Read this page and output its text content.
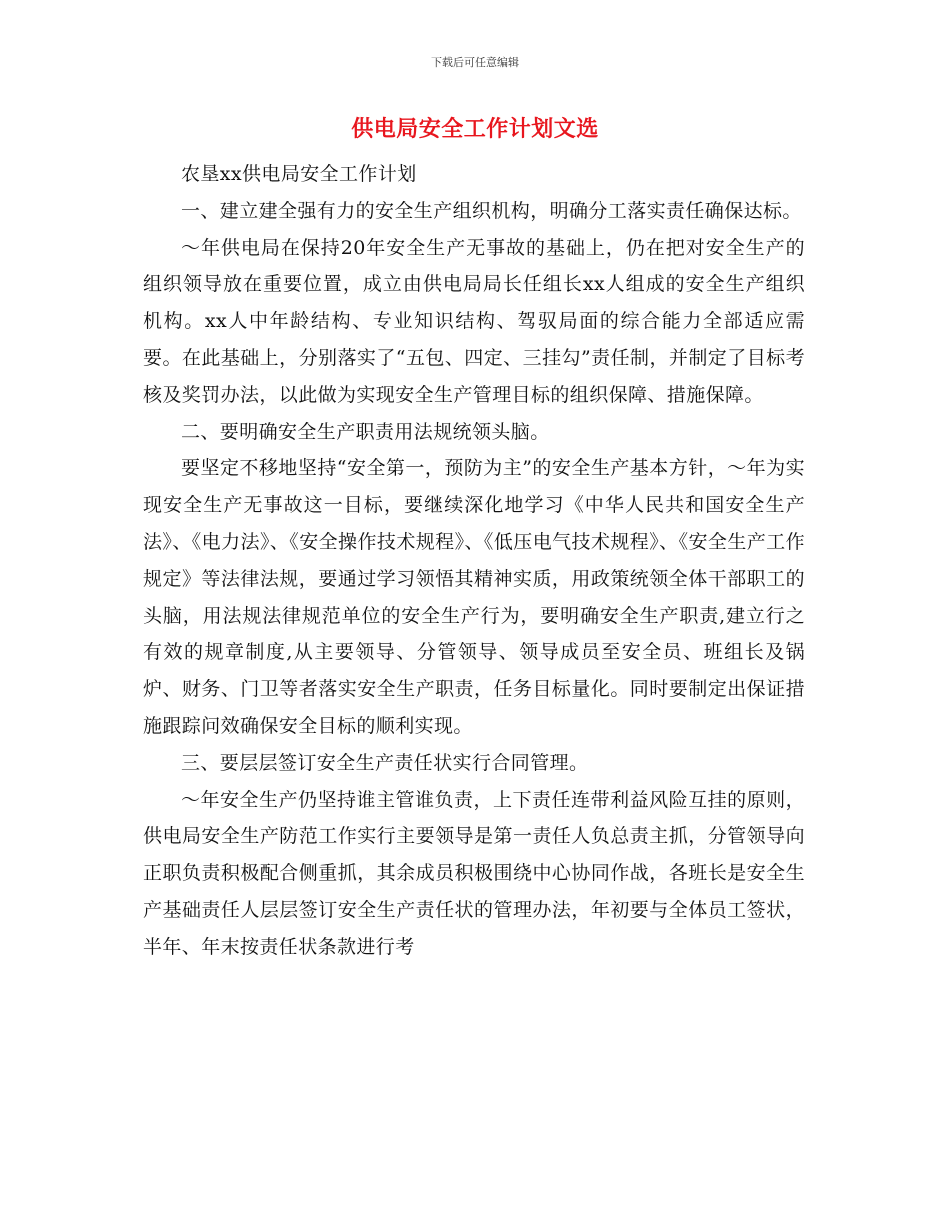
下载后可任意编辑
供电局安全工作计划文选

农垦xx供电局安全工作计划

一、建立建全强有力的安全生产组织机构，明确分工落实责任确保达标。

～年供电局在保持20年安全生产无事故的基础上，仍在把对安全生产的组织领导放在重要位置，成立由供电局局长任组长xx人组成的安全生产组织机构。xx人中年龄结构、专业知识结构、驾驭局面的综合能力全部适应需要。在此基础上，分别落实了“五包、四定、三挂勾”责任制，并制定了目标考核及奖罚办法，以此做为实现安全生产管理目标的组织保障、措施保障。

二、要明确安全生产职责用法规统领头脑。

要坚定不移地坚持“安全第一，预防为主”的安全生产基本方针，～年为实现安全生产无事故这一目标，要继续深化地学习《中华人民共和国安全生产法》、《电力法》、《安全操作技术规程》、《低压电气技术规程》、《安全生产工作规定》等法律法规，要通过学习领悟其精神实质，用政策统领全体干部职工的头脑，用法规法律规范单位的安全生产行为，要明确安全生产职责,建立行之有效的规章制度,从主要领导、分管领导、领导成员至安全员、班组长及锅炉、财务、门卫等者落实安全生产职责，任务目标量化。同时要制定出保证措施跟踪问效确保安全目标的顺利实现。

三、要层层签订安全生产责任状实行合同管理。

～年安全生产仍坚持谁主管谁负责，上下责任连带利益风险互挂的原则，供电局安全生产防范工作实行主要领导是第一责任人负总责主抓，分管领导向正职负责积极配合侧重抓，其余成员积极围绕中心协同作战，各班长是安全生产基础责任人层层签订安全生产责任状的管理办法，年初要与全体员工签状，半年、年末按责任状条款进行考
